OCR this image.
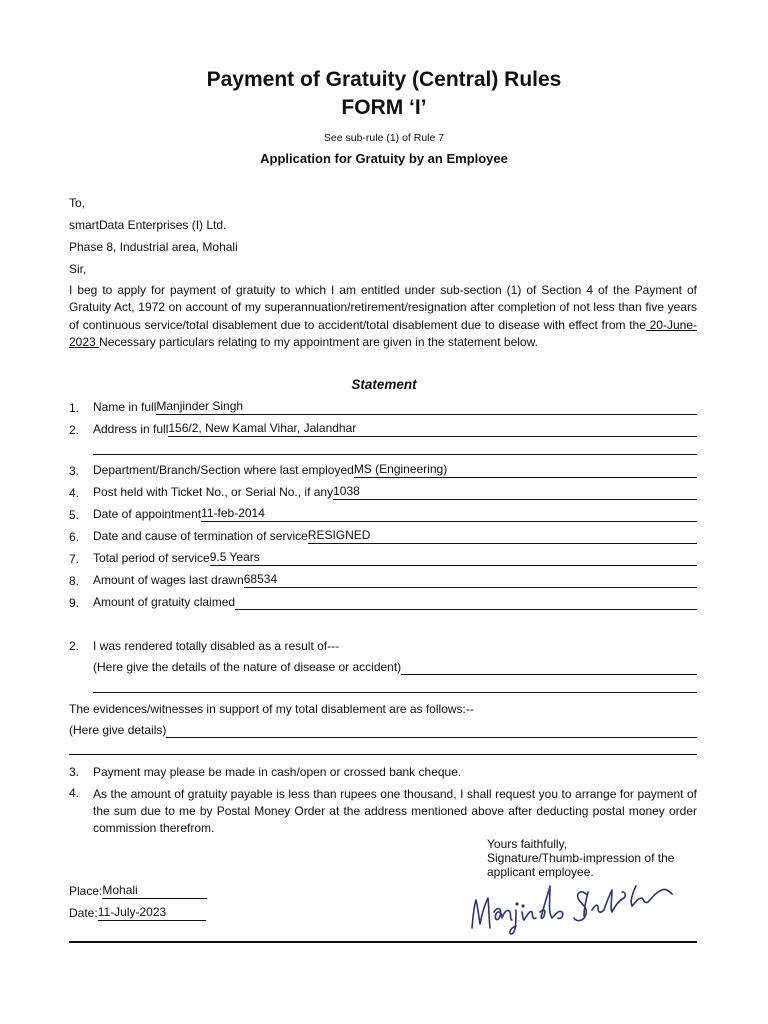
Payment of Gratuity (Central) Rules
FORM ‘I’
See sub-rule (1) of Rule 7
Application for Gratuity by an Employee
To,
smartData Enterprises (I) Ltd.
Phase 8, Industrial area, Mohali
Sir,
I beg to apply for payment of gratuity to which I am entitled under sub-section (1) of Section 4 of the Payment of Gratuity Act, 1972 on account of my superannuation/retirement/resignation after completion of not less than five years of continuous service/total disablement due to accident/total disablement due to disease with effect from the 20-June-2023 Necessary particulars relating to my appointment are given in the statement below.
Statement
1. Name in full Manjinder Singh
2. Address in full 156/2, New Kamal Vihar, Jalandhar
3. Department/Branch/Section where last employed MS (Engineering)
4. Post held with Ticket No., or Serial No., if any 1038
5. Date of appointment 11-feb-2014
6. Date and cause of termination of service RESIGNED
7. Total period of service 9.5 Years
8. Amount of wages last drawn 68534
9. Amount of gratuity claimed
2. I was rendered totally disabled as a result of---
(Here give the details of the nature of disease or accident)
The evidences/witnesses in support of my total disablement are as follows:--
(Here give details)
3. Payment may please be made in cash/open or crossed bank cheque.
4. As the amount of gratuity payable is less than rupees one thousand, I shall request you to arrange for payment of the sum due to me by Postal Money Order at the address mentioned above after deducting postal money order commission therefrom.
Yours faithfully,
Signature/Thumb-impression of the
applicant employee.
Place: Mohali
Date: 11-July-2023
